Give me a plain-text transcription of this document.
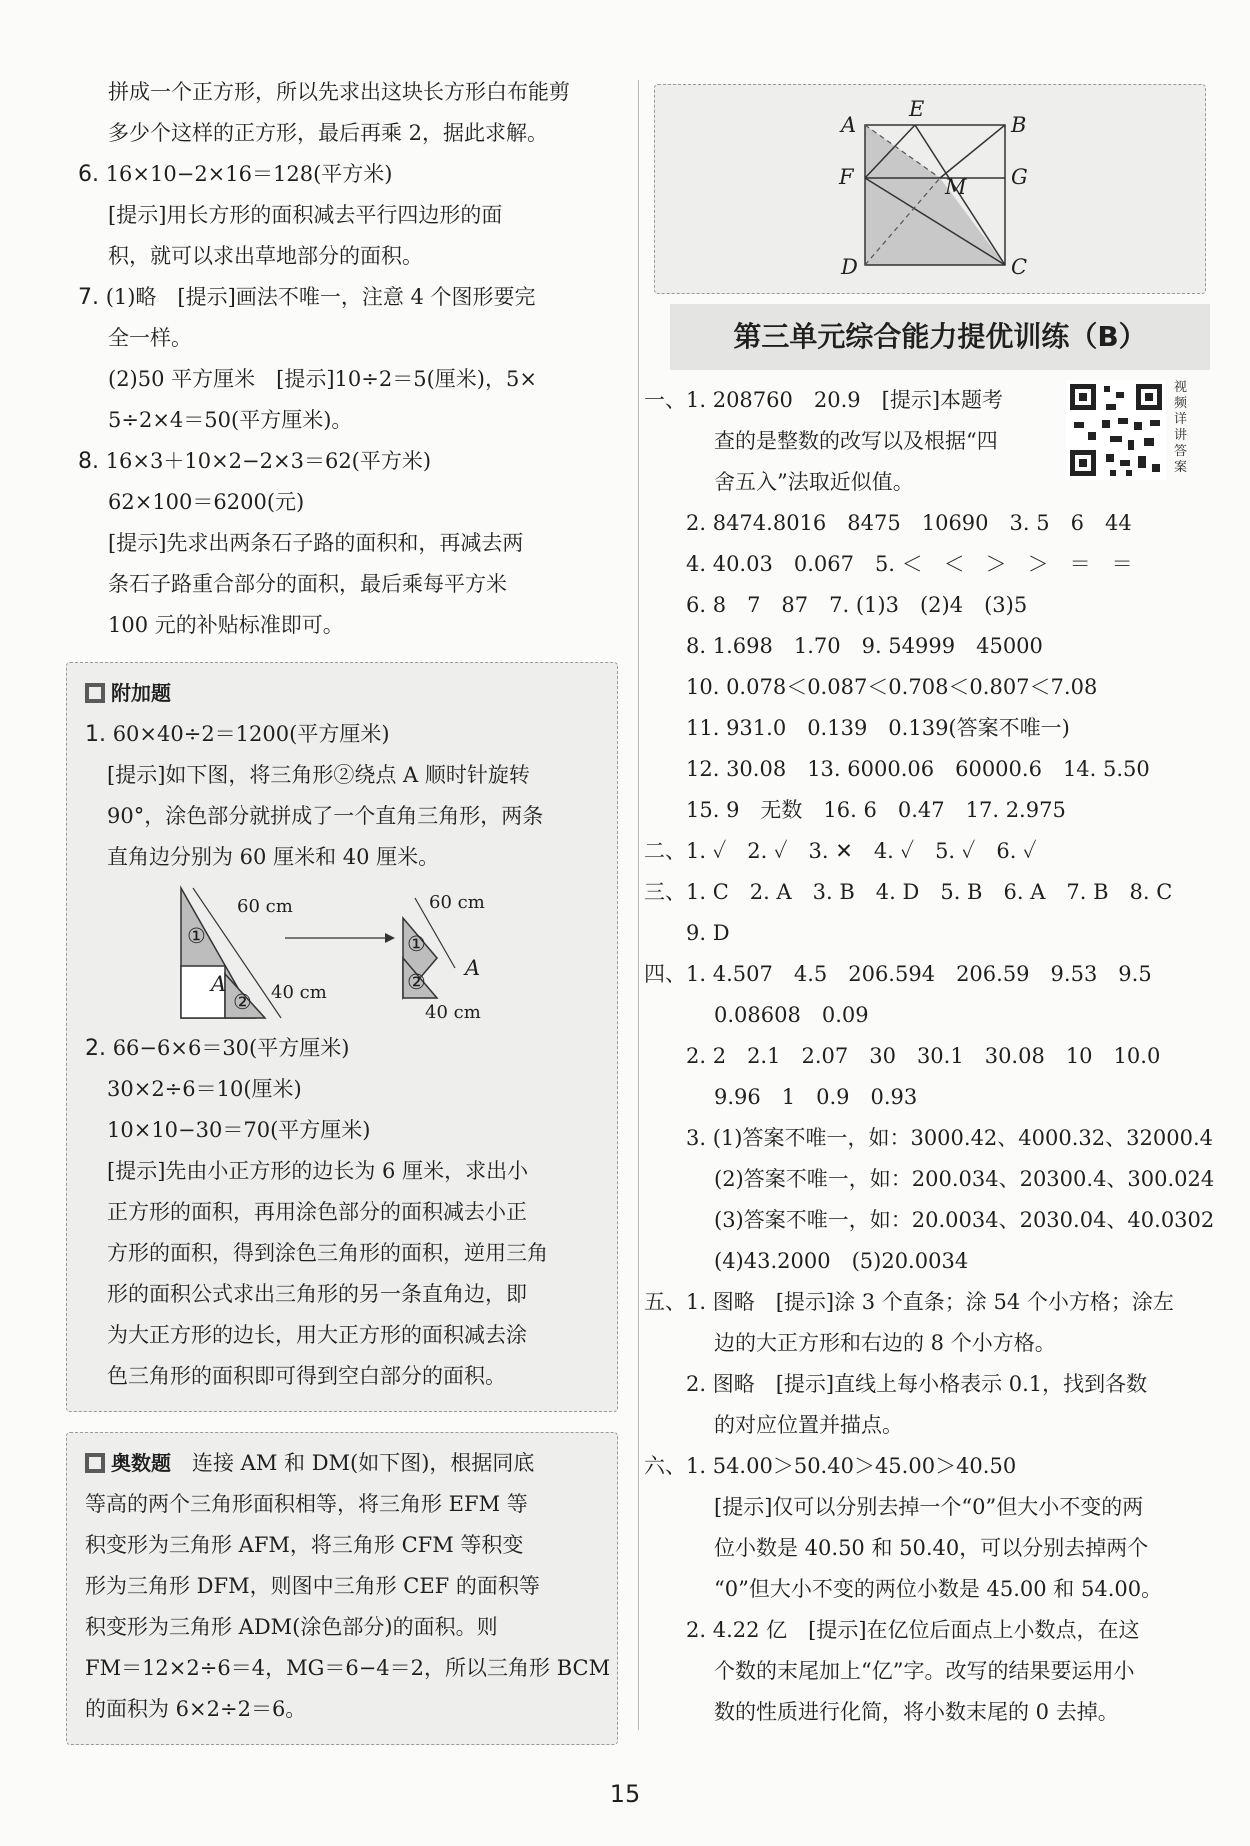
拼成一个正方形，所以先求出这块长方形白布能剪
多少个这样的正方形，最后再乘 2，据此求解。
6. 16×10−2×16＝128(平方米)
[提示]用长方形的面积减去平行四边形的面
积，就可以求出草地部分的面积。
7. (1)略　[提示]画法不唯一，注意 4 个图形要完
全一样。
(2)50 平方厘米　[提示]10÷2＝5(厘米)，5×
5÷2×4＝50(平方厘米)。
8. 16×3＋10×2−2×3＝62(平方米)
62×100＝6200(元)
[提示]先求出两条石子路的面积和，再减去两
条石子路重合部分的面积，最后乘每平方米
100 元的补贴标准即可。
附加题
1. 60×40÷2＝1200(平方厘米)
[提示]如下图，将三角形②绕点 A 顺时针旋转
90°，涂色部分就拼成了一个直角三角形，两条
直角边分别为 60 厘米和 40 厘米。
60 cm
40 cm
A
①
②
60 cm
40 cm
A
①
②
2. 66−6×6＝30(平方厘米)
30×2÷6＝10(厘米)
10×10−30＝70(平方厘米)
[提示]先由小正方形的边长为 6 厘米，求出小
正方形的面积，再用涂色部分的面积减去小正
方形的面积，得到涂色三角形的面积，逆用三角
形的面积公式求出三角形的另一条直角边，即
为大正方形的边长，用大正方形的面积减去涂
色三角形的面积即可得到空白部分的面积。
奥数题　 连接 AM 和 DM(如下图)，根据同底
等高的两个三角形面积相等，将三角形 EFM 等
积变形为三角形 AFM，将三角形 CFM 等积变
形为三角形 DFM，则图中三角形 CEF 的面积等
积变形为三角形 ADM(涂色部分)的面积。则
FM＝12×2÷6＝4，MG＝6−4＝2，所以三角形 BCM
的面积为 6×2÷2＝6。
A
E
B
F	M G
D	C
第三单元综合能力提优训练（B）
视频详讲答案
一、1. 208760　20.9　[提示]本题考
查的是整数的改写以及根据“四
舍五入”法取近似值。
2. 8474.8016　8475　10690　3. 5　6　44
4. 40.03　0.067　5. ＜　＜　＞　＞　＝　＝
6. 8　7　87　7. (1)3　(2)4　(3)5
8. 1.698　1.70　9. 54999　45000
10. 0.078＜0.087＜0.708＜0.807＜7.08
11. 931.0　0.139　0.139(答案不唯一)
12. 30.08　13. 6000.06　60000.6　14. 5.50
15. 9　无数　16. 6　0.47　17. 2.975
二、1. ✓　2. ✓　3. ✕　4. ✓　5. ✓　6. ✓
三、1. C　2. A　3. B　4. D　5. B　6. A　7. B　8. C
9. D
四、1. 4.507　4.5　206.594　206.59　9.53　9.5
0.08608　0.09
2. 2　2.1　2.07　30　30.1　30.08　10　10.0
9.96　1　0.9　0.93
3. (1)答案不唯一，如：3000.42、4000.32、32000.4
(2)答案不唯一，如：200.034、20300.4、300.024
(3)答案不唯一，如：20.0034、2030.04、40.0302
(4)43.2000　(5)20.0034
五、1. 图略　[提示]涂 3 个直条；涂 54 个小方格；涂左
边的大正方形和右边的 8 个小方格。
2. 图略　[提示]直线上每小格表示 0.1，找到各数
的对应位置并描点。
六、1. 54.00＞50.40＞45.00＞40.50
[提示]仅可以分别去掉一个“0”但大小不变的两
位小数是 40.50 和 50.40，可以分别去掉两个
“0”但大小不变的两位小数是 45.00 和 54.00。
2. 4.22 亿　[提示]在亿位后面点上小数点，在这
个数的末尾加上“亿”字。改写的结果要运用小
数的性质进行化简，将小数末尾的 0 去掉。
15
